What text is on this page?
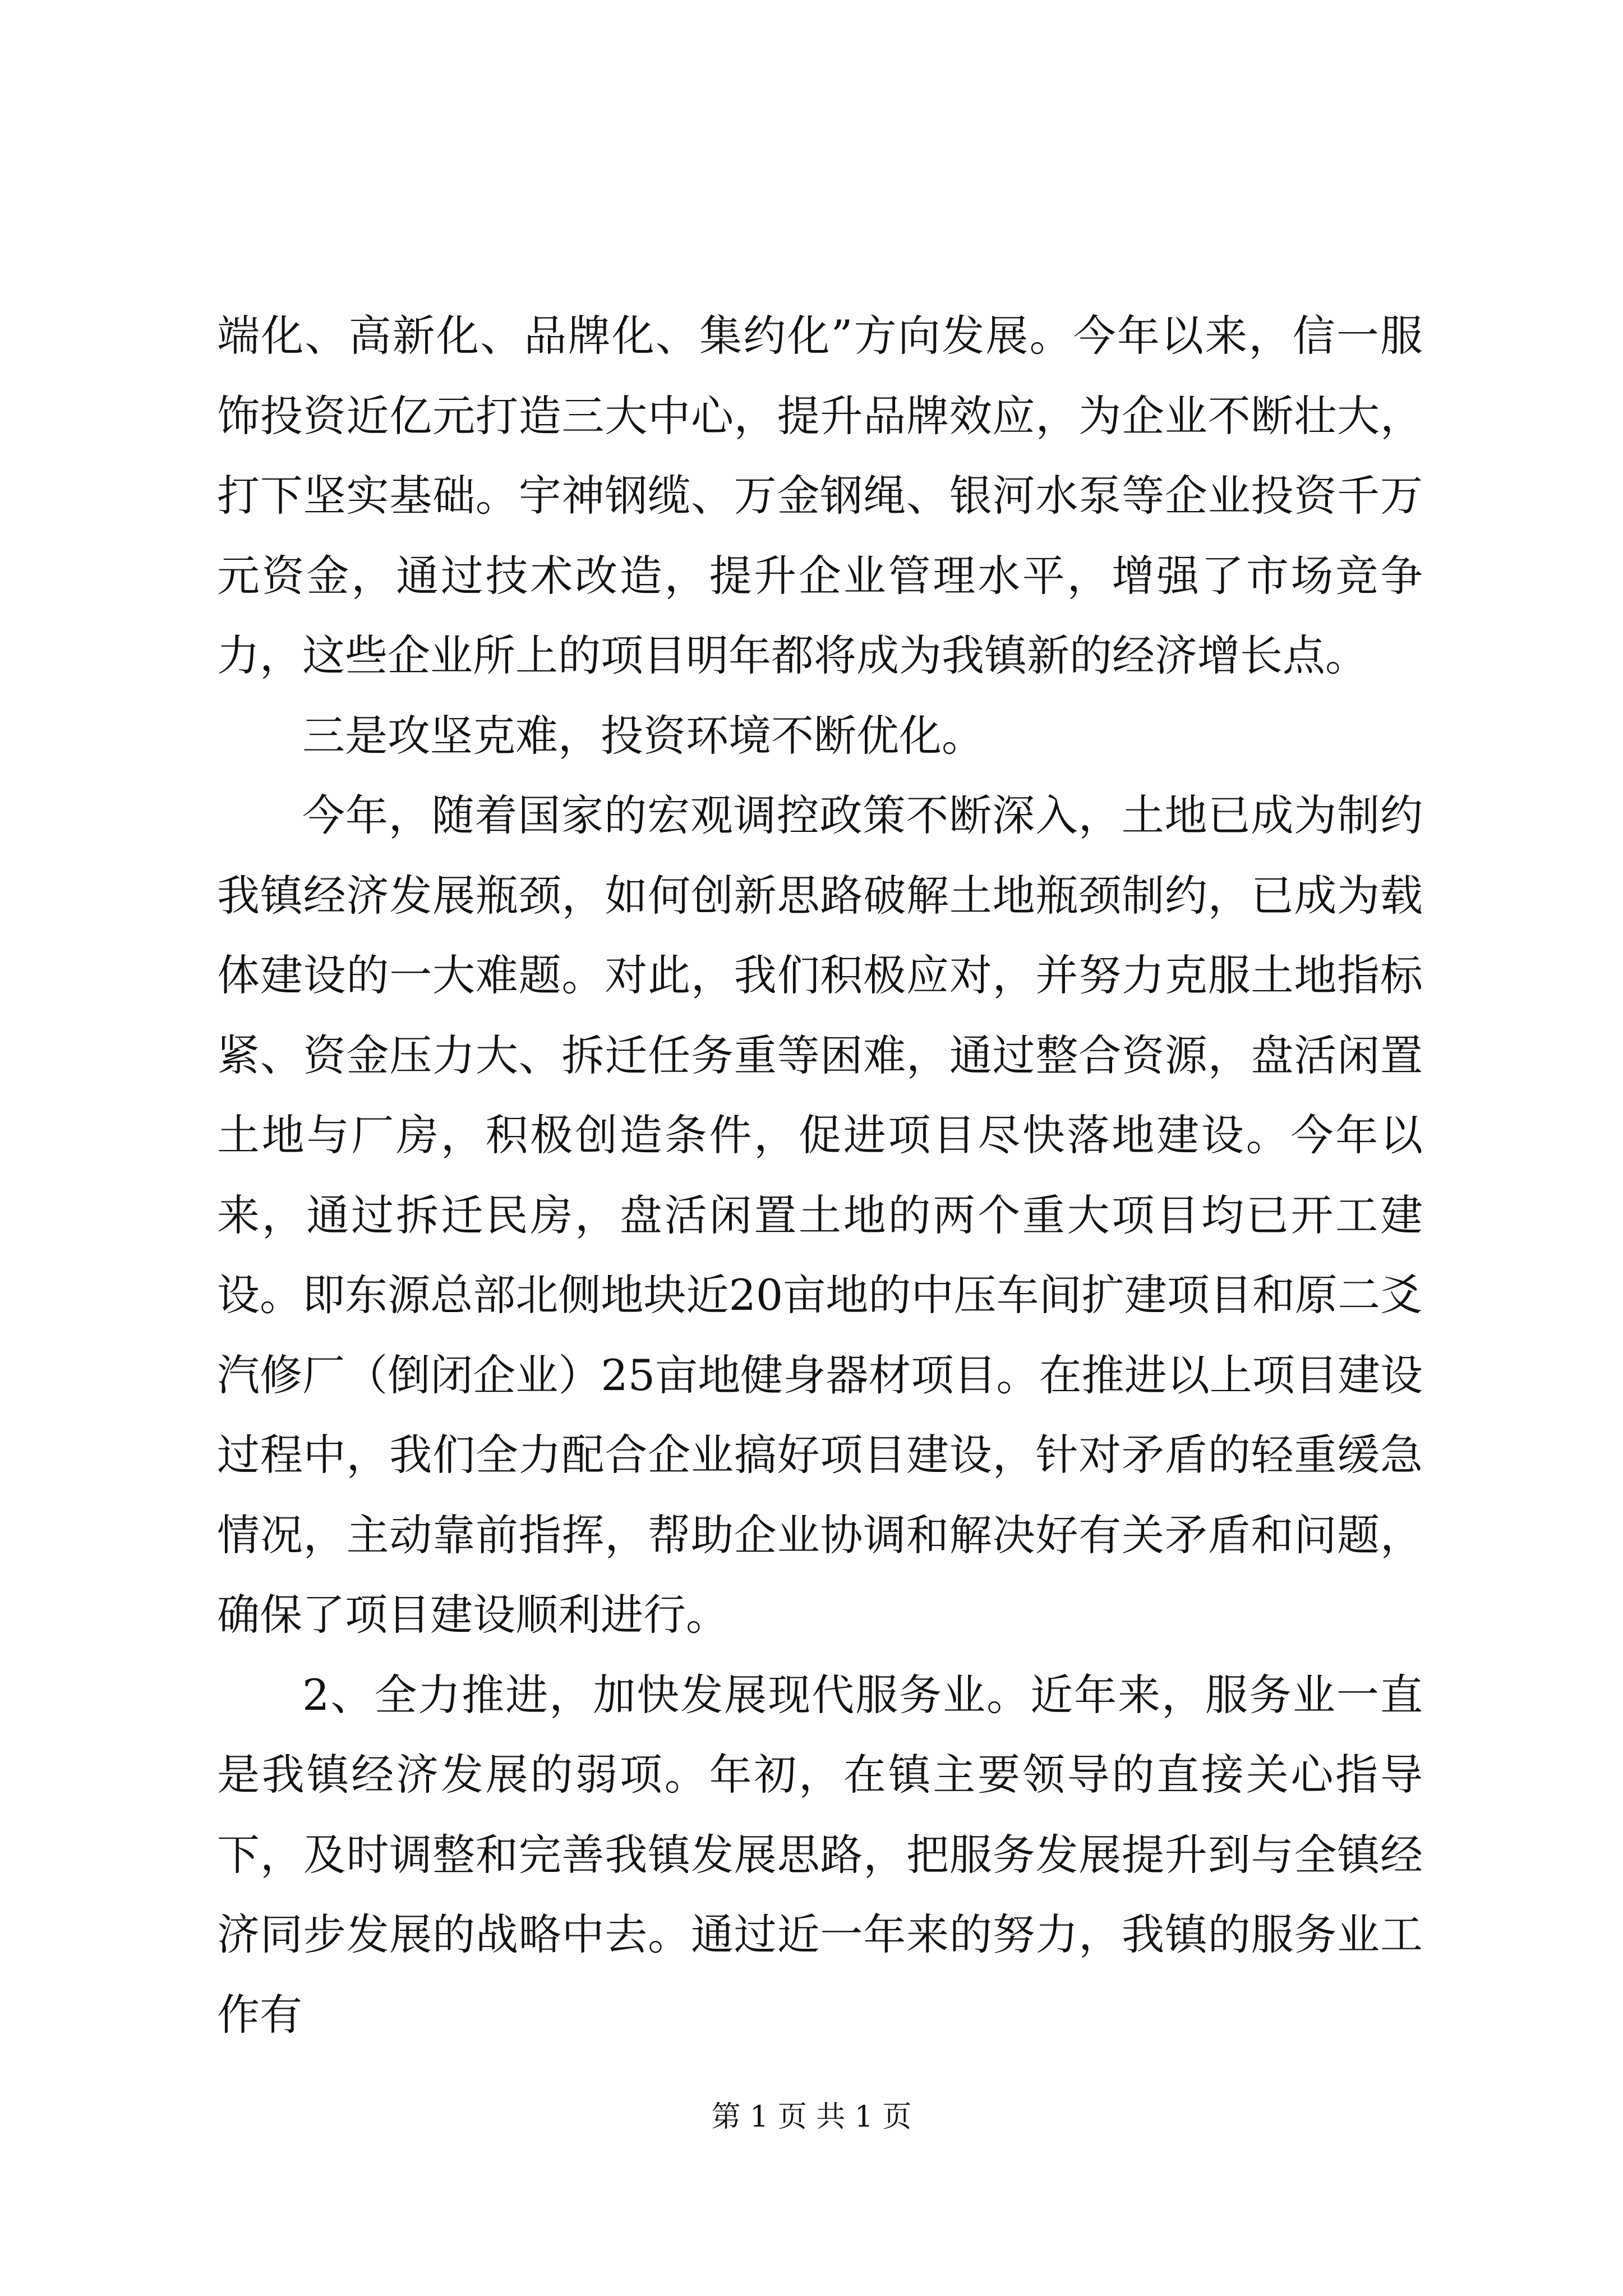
端化、高新化、品牌化、集约化”方向发展。今年以来，信一服饰投资近亿元打造三大中心，提升品牌效应，为企业不断壮大，打下坚实基础。宇神钢缆、万金钢绳、银河水泵等企业投资千万元资金，通过技术改造，提升企业管理水平，增强了市场竞争力，这些企业所上的项目明年都将成为我镇新的经济增长点。

三是攻坚克难，投资环境不断优化。

今年，随着国家的宏观调控政策不断深入，土地已成为制约我镇经济发展瓶颈，如何创新思路破解土地瓶颈制约，已成为载体建设的一大难题。对此，我们积极应对，并努力克服土地指标紧、资金压力大、拆迁任务重等困难，通过整合资源，盘活闲置土地与厂房，积极创造条件，促进项目尽快落地建设。今年以来，通过拆迁民房，盘活闲置土地的两个重大项目均已开工建设。即东源总部北侧地块近20亩地的中压车间扩建项目和原二爻汽修厂（倒闭企业）25亩地健身器材项目。在推进以上项目建设过程中，我们全力配合企业搞好项目建设，针对矛盾的轻重缓急情况，主动靠前指挥，帮助企业协调和解决好有关矛盾和问题，确保了项目建设顺利进行。

2、全力推进，加快发展现代服务业。近年来，服务业一直是我镇经济发展的弱项。年初，在镇主要领导的直接关心指导下，及时调整和完善我镇发展思路，把服务发展提升到与全镇经济同步发展的战略中去。通过近一年来的努力，我镇的服务业工作有

第 1 页 共 1 页
